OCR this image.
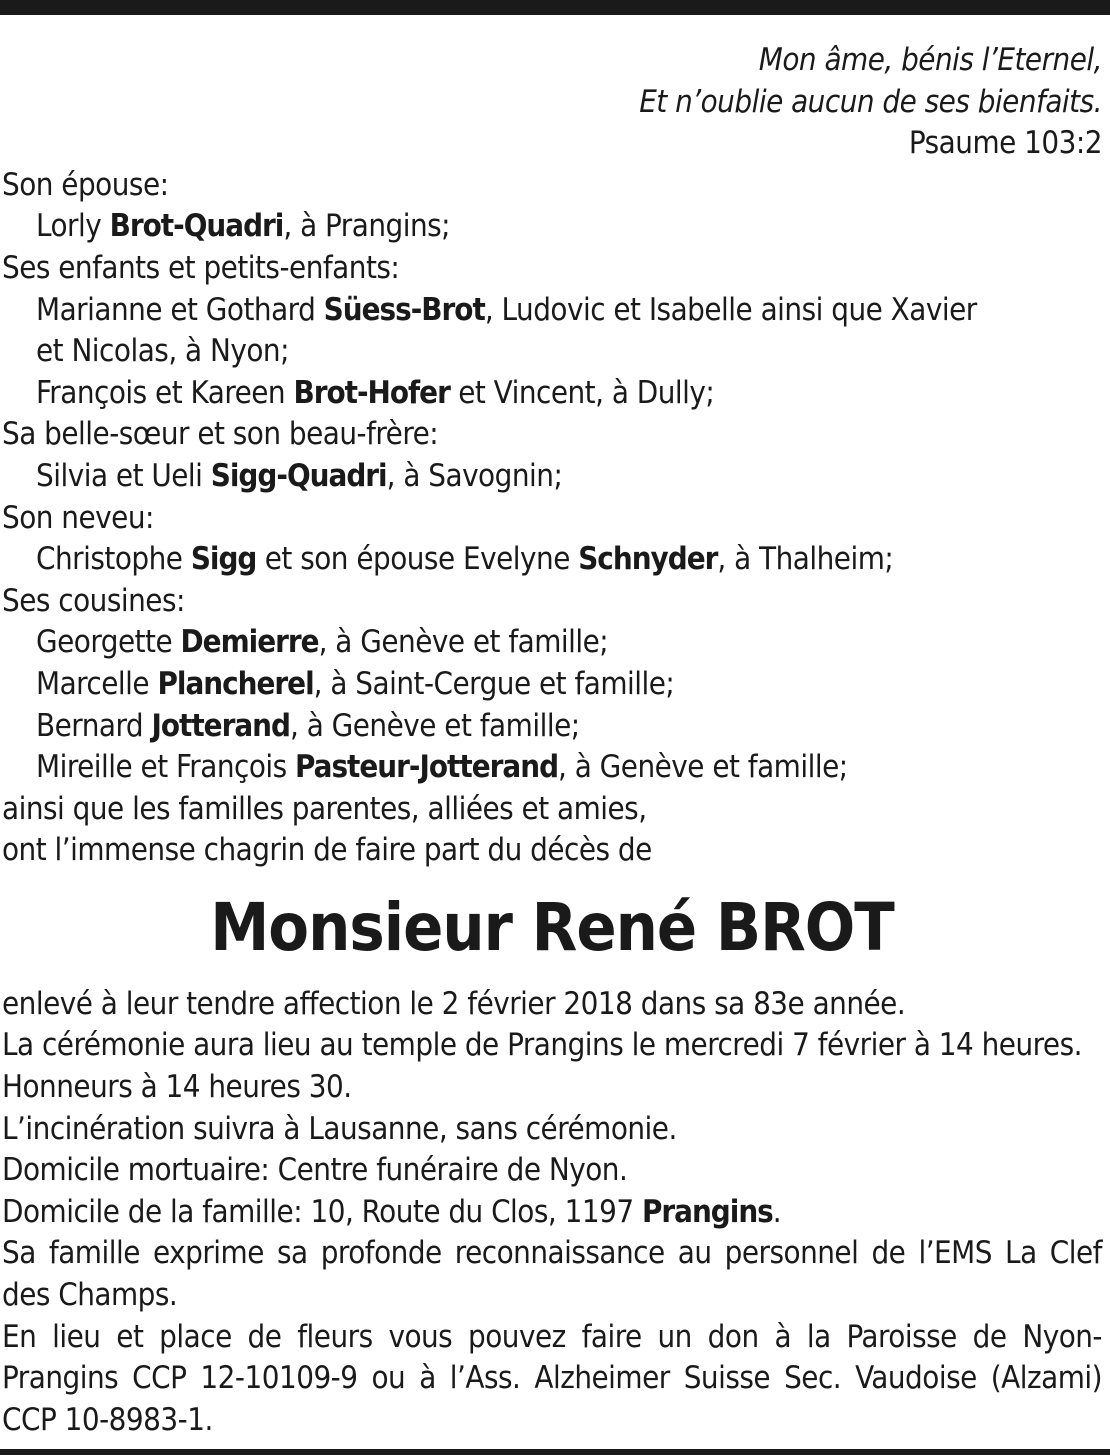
Mon âme, bénis l’Eternel,
Et n’oublie aucun de ses bienfaits.
Psaume 103:2
Son épouse:
Lorly Brot-Quadri, à Prangins;
Ses enfants et petits-enfants:
Marianne et Gothard Süess-Brot, Ludovic et Isabelle ainsi que Xavier
et Nicolas, à Nyon;
François et Kareen Brot-Hofer et Vincent, à Dully;
Sa belle-sœur et son beau-frère:
Silvia et Ueli Sigg-Quadri, à Savognin;
Son neveu:
Christophe Sigg et son épouse Evelyne Schnyder, à Thalheim;
Ses cousines:
Georgette Demierre, à Genève et famille;
Marcelle Plancherel, à Saint-Cergue et famille;
Bernard Jotterand, à Genève et famille;
Mireille et François Pasteur-Jotterand, à Genève et famille;
ainsi que les familles parentes, alliées et amies,
ont l’immense chagrin de faire part du décès de
Monsieur René BROT
enlevé à leur tendre affection le 2 février 2018 dans sa 83e année.
La cérémonie aura lieu au temple de Prangins le mercredi 7 février à 14 heures.
Honneurs à 14 heures 30.
L’incinération suivra à Lausanne, sans cérémonie.
Domicile mortuaire: Centre funéraire de Nyon.
Domicile de la famille: 10, Route du Clos, 1197 Prangins.
Sa famille exprime sa profonde reconnaissance au personnel de l’EMS La Clef
des Champs.
En lieu et place de fleurs vous pouvez faire un don à la Paroisse de Nyon-
Prangins CCP 12-10109-9 ou à l’Ass. Alzheimer Suisse Sec. Vaudoise (Alzami)
CCP 10-8983-1.
